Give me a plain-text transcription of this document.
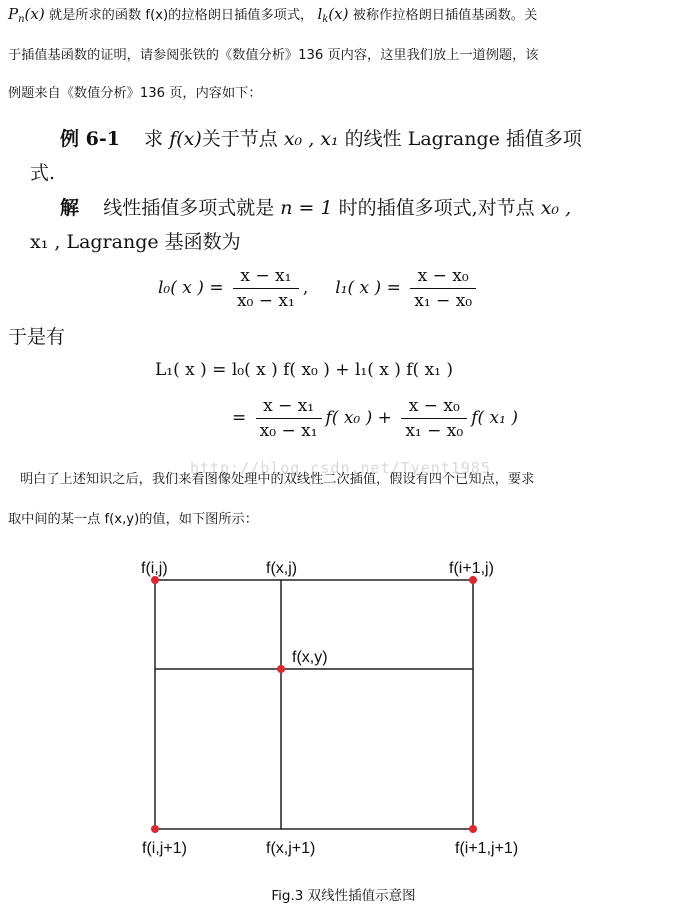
$P_n(x)$ 就是所求的函数 f(x)的拉格朗日插值多项式， $l_k(x)$ 被称作拉格朗日插值基函数。关
于插值基函数的证明，请参阅张铁的《数值分析》136 页内容，这里我们放上一道例题，该
例题来自《数值分析》136 页，内容如下：
例 6-1 求 f(x)关于节点 x₀ , x₁ 的线性 Lagrange 插值多项
式.
解 线性插值多项式就是 n = 1 时的插值多项式,对节点 x₀ ,
x₁ , Lagrange 基函数为
l₀( x ) = $\frac{\text{x − x₁}}{\text{x₀ − x₁}}$ , l₁( x ) = $\frac{\text{x − x₀}}{\text{x₁ − x₀}}$
于是有
L₁( x ) = l₀( x ) f( x₀ ) + l₁( x ) f( x₁ )
= $\frac{\text{x − x₁}}{\text{x₀ − x₁}} f$( x₀ ) + $\frac{\text{x − x₀}}{\text{x₁ − x₀}} f$( x₁ )
http://blog.csdn.net/Tyent1985
明白了上述知识之后，我们来看图像处理中的双线性二次插值，假设有四个已知点，要求
取中间的某一点 f(x,y)的值，如下图所示：
f(i,j)	f(x,j)	f(i+1,j)
f(x,y)
f(i,j+1)	f(x,j+1)	f(i+1,j+1)
Fig.3 双线性插值示意图
